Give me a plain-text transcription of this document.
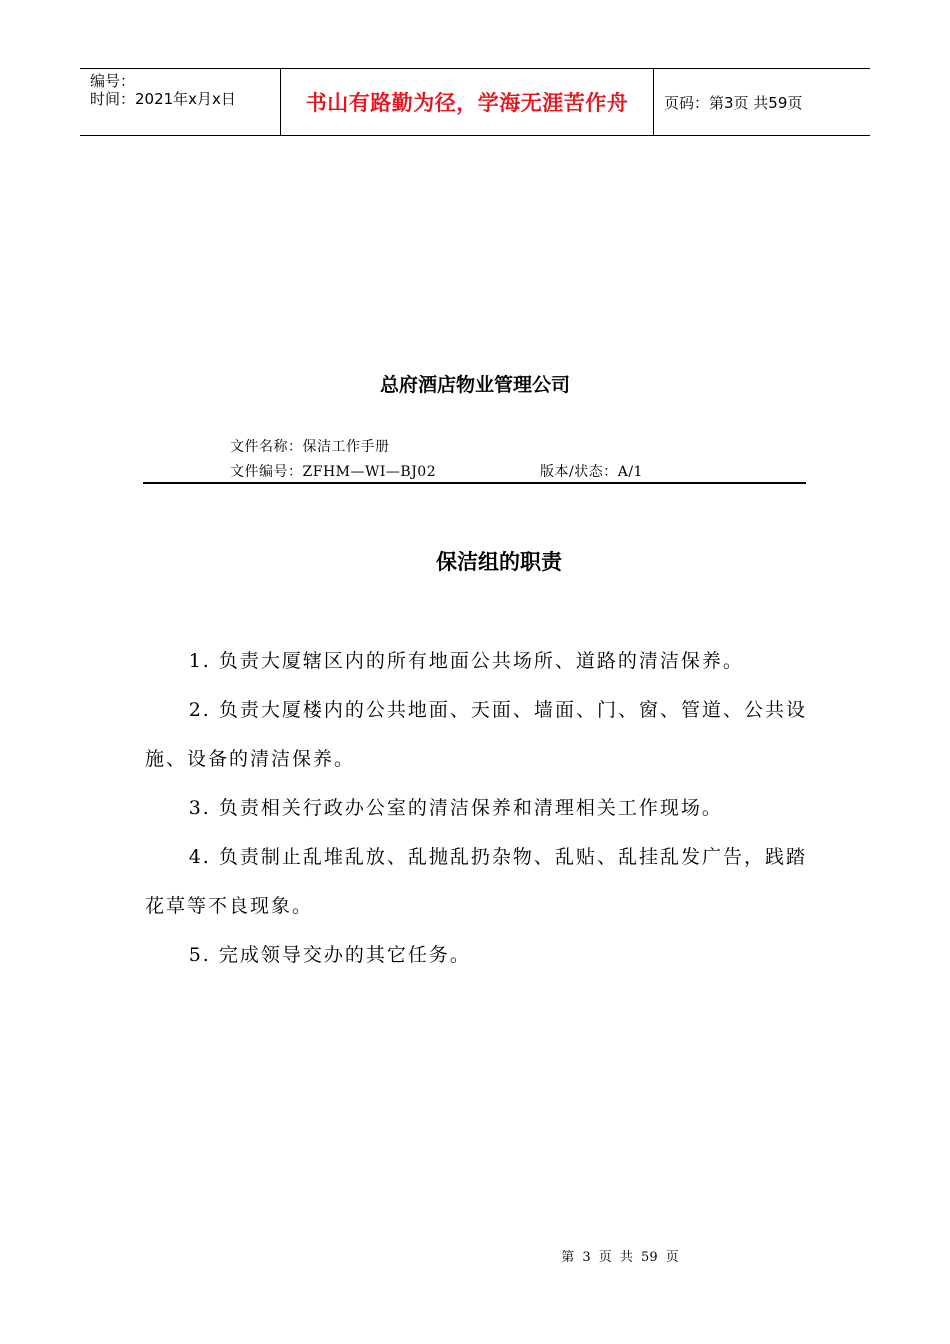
编号：
时间：2021年x月x日	书山有路勤为径，学海无涯苦作舟	页码：第3页 共59页
总府酒店物业管理公司
文件名称：保洁工作手册
文件编号：ZFHM—WI—BJ02	版本/状态：A/1
保洁组的职责

1. 负责大厦辖区内的所有地面公共场所、道路的清洁保养。

2. 负责大厦楼内的公共地面、天面、墙面、门、窗、管道、公共设施、设备的清洁保养。

3. 负责相关行政办公室的清洁保养和清理相关工作现场。

4. 负责制止乱堆乱放、乱抛乱扔杂物、乱贴、乱挂乱发广告，践踏花草等不良现象。

5. 完成领导交办的其它任务。

第 3 页 共 59 页
